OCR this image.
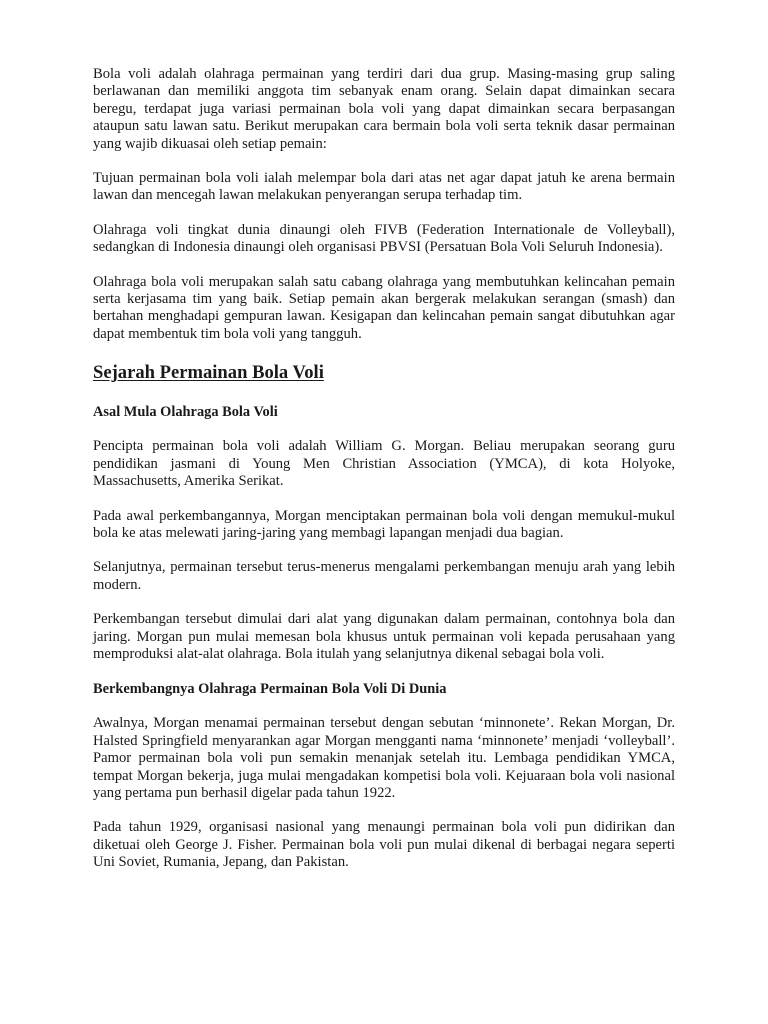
Bola voli adalah olahraga permainan yang terdiri dari dua grup. Masing-masing grup saling berlawanan dan memiliki anggota tim sebanyak enam orang. Selain dapat dimainkan secara beregu, terdapat juga variasi permainan bola voli yang dapat dimainkan secara berpasangan ataupun satu lawan satu. Berikut merupakan cara bermain bola voli serta teknik dasar permainan yang wajib dikuasai oleh setiap pemain:

Tujuan permainan bola voli ialah melempar bola dari atas net agar dapat jatuh ke arena bermain lawan dan mencegah lawan melakukan penyerangan serupa terhadap tim.

Olahraga voli tingkat dunia dinaungi oleh FIVB (Federation Internationale de Volleyball), sedangkan di Indonesia dinaungi oleh organisasi PBVSI (Persatuan Bola Voli Seluruh Indonesia).

Olahraga bola voli merupakan salah satu cabang olahraga yang membutuhkan kelincahan pemain serta kerjasama tim yang baik. Setiap pemain akan bergerak melakukan serangan (smash) dan bertahan menghadapi gempuran lawan. Kesigapan dan kelincahan pemain sangat dibutuhkan agar dapat membentuk tim bola voli yang tangguh.

Sejarah Permainan Bola Voli
Asal Mula Olahraga Bola Voli

Pencipta permainan bola voli adalah William G. Morgan. Beliau merupakan seorang guru pendidikan jasmani di Young Men Christian Association (YMCA), di kota Holyoke, Massachusetts, Amerika Serikat.

Pada awal perkembangannya, Morgan menciptakan permainan bola voli dengan memukul-mukul bola ke atas melewati jaring-jaring yang membagi lapangan menjadi dua bagian.

Selanjutnya, permainan tersebut terus-menerus mengalami perkembangan menuju arah yang lebih modern.

Perkembangan tersebut dimulai dari alat yang digunakan dalam permainan, contohnya bola dan jaring. Morgan pun mulai memesan bola khusus untuk permainan voli kepada perusahaan yang memproduksi alat-alat olahraga. Bola itulah yang selanjutnya dikenal sebagai bola voli.

Berkembangnya Olahraga Permainan Bola Voli Di Dunia

Awalnya, Morgan menamai permainan tersebut dengan sebutan ‘minnonete’. Rekan Morgan, Dr. Halsted Springfield menyarankan agar Morgan mengganti nama ‘minnonete’ menjadi ‘volleyball’. Pamor permainan bola voli pun semakin menanjak setelah itu. Lembaga pendidikan YMCA, tempat Morgan bekerja, juga mulai mengadakan kompetisi bola voli. Kejuaraan bola voli nasional yang pertama pun berhasil digelar pada tahun 1922.

Pada tahun 1929, organisasi nasional yang menaungi permainan bola voli pun didirikan dan diketuai oleh George J. Fisher. Permainan bola voli pun mulai dikenal di berbagai negara seperti Uni Soviet, Rumania, Jepang, dan Pakistan.
